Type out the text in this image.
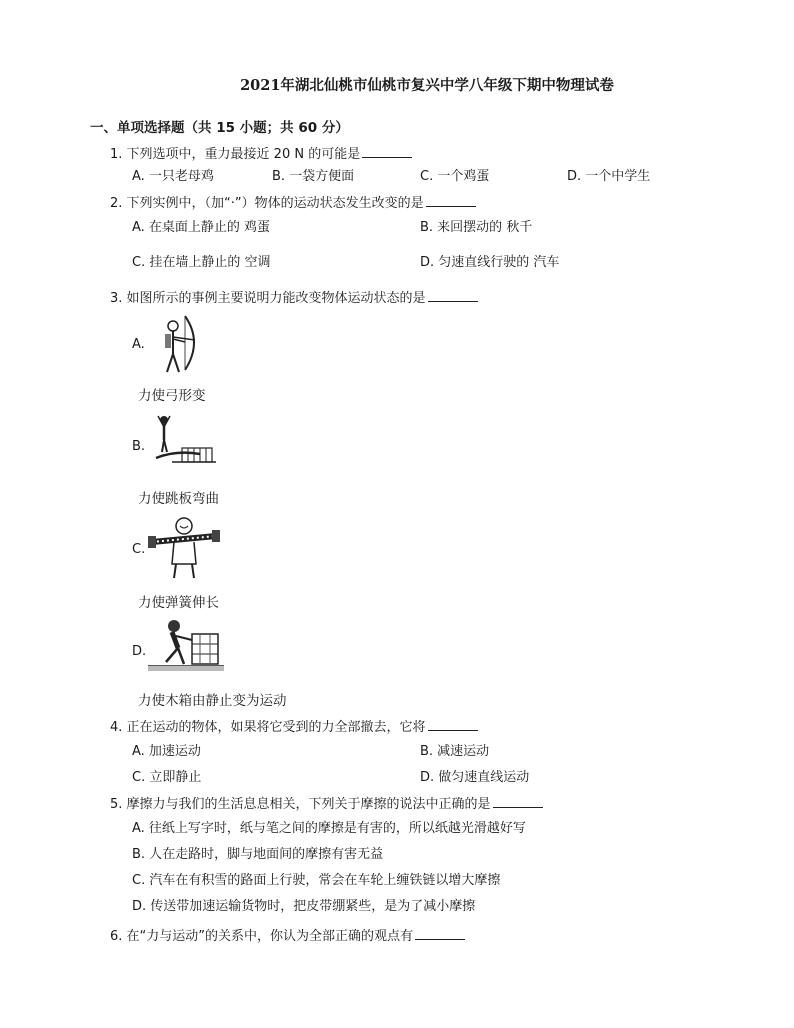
2021年湖北仙桃市仙桃市复兴中学八年级下期中物理试卷
一、单项选择题（共 15 小题；共 60 分）
1. 下列选项中，重力最接近 20 N 的可能是
A. 一只老母鸡	B. 一袋方便面	C. 一个鸡蛋	D. 一个中学生
2. 下列实例中，（加“·”）物体的运动状态发生改变的是
A. 在桌面上静止的 鸡蛋	B. 来回摆动的 秋千
C. 挂在墙上静止的 空调	D. 匀速直线行驶的 汽车
3. 如图所示的事例主要说明力能改变物体运动状态的是
A.
力使弓形变
B.
力使跳板弯曲
C.
力使弹簧伸长
D.
力使木箱由静止变为运动
4. 正在运动的物体，如果将它受到的力全部撤去，它将
A. 加速运动	B. 减速运动
C. 立即静止	D. 做匀速直线运动
5. 摩擦力与我们的生活息息相关，下列关于摩擦的说法中正确的是
A. 往纸上写字时，纸与笔之间的摩擦是有害的，所以纸越光滑越好写
B. 人在走路时，脚与地面间的摩擦有害无益
C. 汽车在有积雪的路面上行驶，常会在车轮上缠铁链以增大摩擦
D. 传送带加速运输货物时，把皮带绷紧些，是为了减小摩擦
6. 在“力与运动”的关系中，你认为全部正确的观点有
